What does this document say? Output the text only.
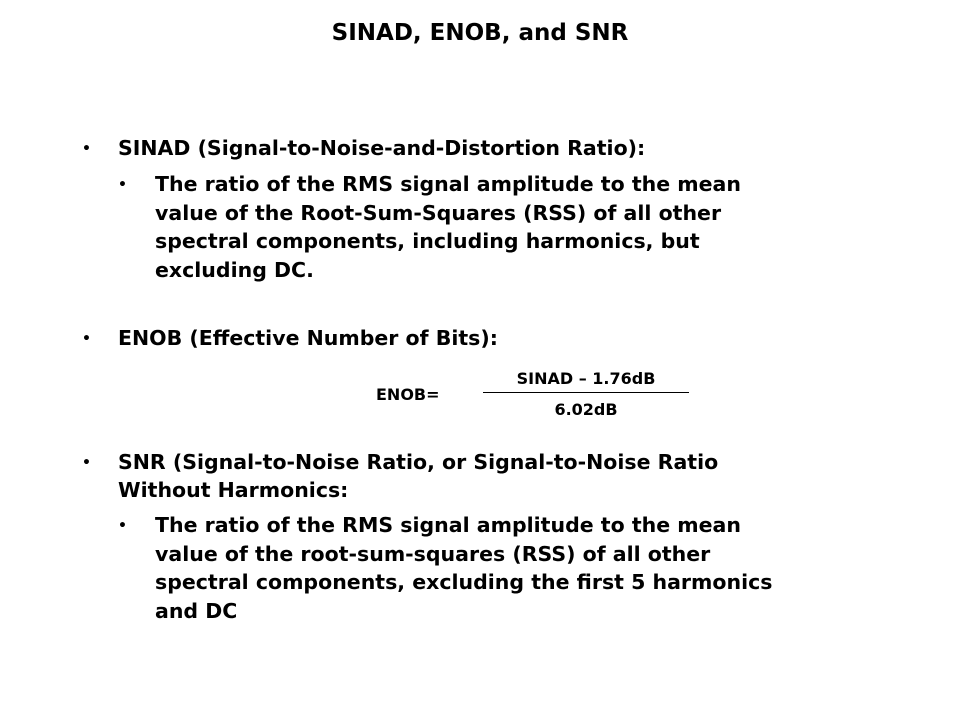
SINAD, ENOB, and SNR
• SINAD (Signal-to-Noise-and-Distortion Ratio):
• The ratio of the RMS signal amplitude to the mean
value of the Root-Sum-Squares (RSS) of all other
spectral components, including harmonics, but
excluding DC.
• ENOB (Effective Number of Bits):
ENOB=
SINAD – 1.76dB
6.02dB
• SNR (Signal-to-Noise Ratio, or Signal-to-Noise Ratio
Without Harmonics:
• The ratio of the RMS signal amplitude to the mean
value of the root-sum-squares (RSS) of all other
spectral components, excluding the first 5 harmonics
and DC
